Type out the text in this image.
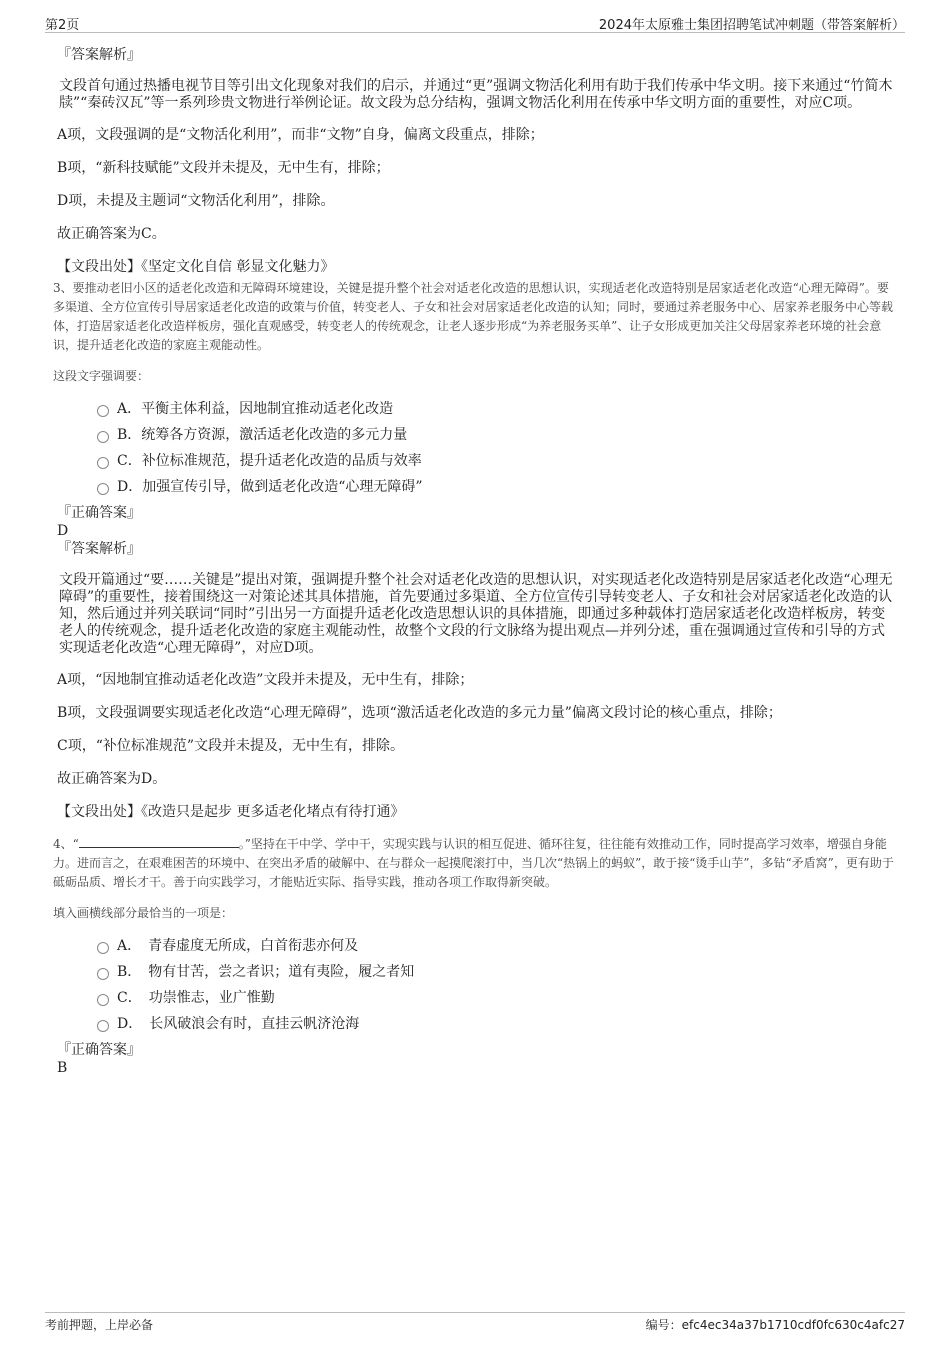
第2页	2024年太原雅士集团招聘笔试冲刺题（带答案解析）

『答案解析』

文段首句通过热播电视节目等引出文化现象对我们的启示，并通过“更”强调文物活化利用有助于我们传承中华文明。接下来通过“竹简木牍”“秦砖汉瓦”等一系列珍贵文物进行举例论证。故文段为总分结构，强调文物活化利用在传承中华文明方面的重要性，对应C项。

A项，文段强调的是“文物活化利用”，而非“文物”自身，偏离文段重点，排除；

B项，“新科技赋能”文段并未提及，无中生有，排除；

D项，未提及主题词“文物活化利用”，排除。

故正确答案为C。

【文段出处】《坚定文化自信 彰显文化魅力》

3、要推动老旧小区的适老化改造和无障碍环境建设，关键是提升整个社会对适老化改造的思想认识，实现适老化改造特别是居家适老化改造“心理无障碍”。要多渠道、全方位宣传引导居家适老化改造的政策与价值，转变老人、子女和社会对居家适老化改造的认知；同时，要通过养老服务中心、居家养老服务中心等载体，打造居家适老化改造样板房，强化直观感受，转变老人的传统观念，让老人逐步形成“为养老服务买单”、让子女形成更加关注父母居家养老环境的社会意识，提升适老化改造的家庭主观能动性。

这段文字强调要：

A．平衡主体利益，因地制宜推动适老化改造
B．统筹各方资源，激活适老化改造的多元力量
C．补位标准规范，提升适老化改造的品质与效率
D．加强宣传引导，做到适老化改造“心理无障碍”

『正确答案』

D

『答案解析』

文段开篇通过“要……关键是”提出对策，强调提升整个社会对适老化改造的思想认识，对实现适老化改造特别是居家适老化改造“心理无障碍”的重要性，接着围绕这一对策论述其具体措施，首先要通过多渠道、全方位宣传引导转变老人、子女和社会对居家适老化改造的认知，然后通过并列关联词“同时”引出另一方面提升适老化改造思想认识的具体措施，即通过多种载体打造居家适老化改造样板房，转变老人的传统观念，提升适老化改造的家庭主观能动性，故整个文段的行文脉络为提出观点—并列分述，重在强调通过宣传和引导的方式实现适老化改造“心理无障碍”，对应D项。

A项，“因地制宜推动适老化改造”文段并未提及，无中生有，排除；

B项，文段强调要实现适老化改造“心理无障碍”，选项“激活适老化改造的多元力量”偏离文段讨论的核心重点，排除；

C项，“补位标准规范”文段并未提及，无中生有，排除。

故正确答案为D。

【文段出处】《改造只是起步 更多适老化堵点有待打通》

4、“	。”坚持在干中学、学中干，实现实践与认识的相互促进、循环往复，往往能有效推动工作，同时提高学习效率，增强自身能力。进而言之，在艰难困苦的环境中、在突出矛盾的破解中、在与群众一起摸爬滚打中，当几次“热锅上的蚂蚁”，敢于接“烫手山芋”，多钻“矛盾窝”，更有助于砥砺品质、增长才干。善于向实践学习，才能贴近实际、指导实践，推动各项工作取得新突破。

填入画横线部分最恰当的一项是：

A．　青春虚度无所成，白首衔悲亦何及
B．　物有甘苦，尝之者识；道有夷险，履之者知
C．　功崇惟志，业广惟勤
D．　长风破浪会有时，直挂云帆济沧海

『正确答案』

B

考前押题，上岸必备	编号：efc4ec34a37b1710cdf0fc630c4afc27
